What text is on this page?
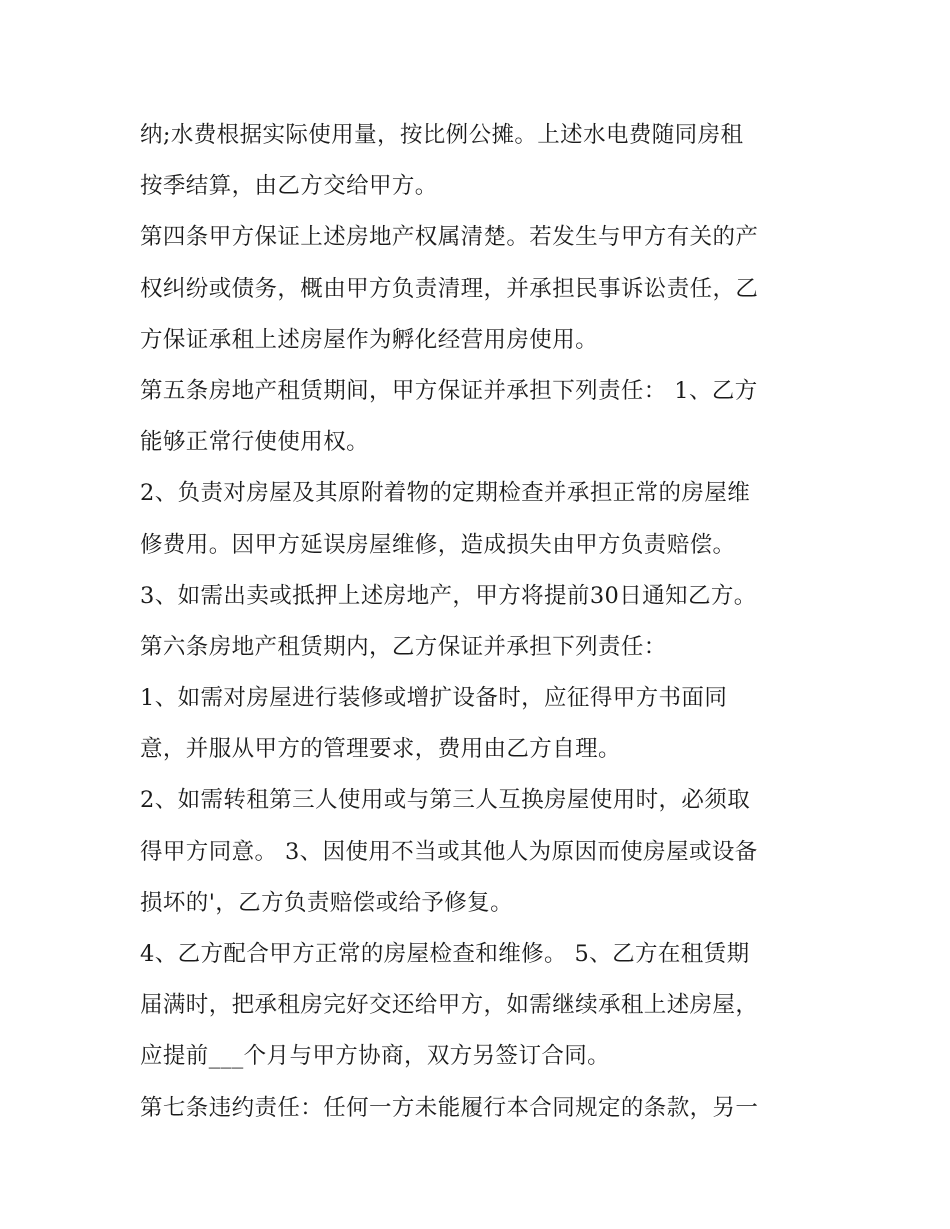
纳;水费根据实际使用量，按比例公摊。上述水电费随同房租
按季结算，由乙方交给甲方。
第四条甲方保证上述房地产权属清楚。若发生与甲方有关的产
权纠纷或债务，概由甲方负责清理，并承担民事诉讼责任，乙
方保证承租上述房屋作为孵化经营用房使用。
第五条房地产租赁期间，甲方保证并承担下列责任： 1、乙方
能够正常行使使用权。
2、负责对房屋及其原附着物的定期检查并承担正常的房屋维
修费用。因甲方延误房屋维修，造成损失由甲方负责赔偿。
3、如需出卖或抵押上述房地产，甲方将提前30日通知乙方。
第六条房地产租赁期内，乙方保证并承担下列责任：
1、如需对房屋进行装修或增扩设备时，应征得甲方书面同
意，并服从甲方的管理要求，费用由乙方自理。
2、如需转租第三人使用或与第三人互换房屋使用时，必须取
得甲方同意。 3、因使用不当或其他人为原因而使房屋或设备
损坏的'，乙方负责赔偿或给予修复。
4、乙方配合甲方正常的房屋检查和维修。 5、乙方在租赁期
届满时，把承租房完好交还给甲方，如需继续承租上述房屋，
应提前___个月与甲方协商，双方另签订合同。
第七条违约责任：任何一方未能履行本合同规定的条款，另一
